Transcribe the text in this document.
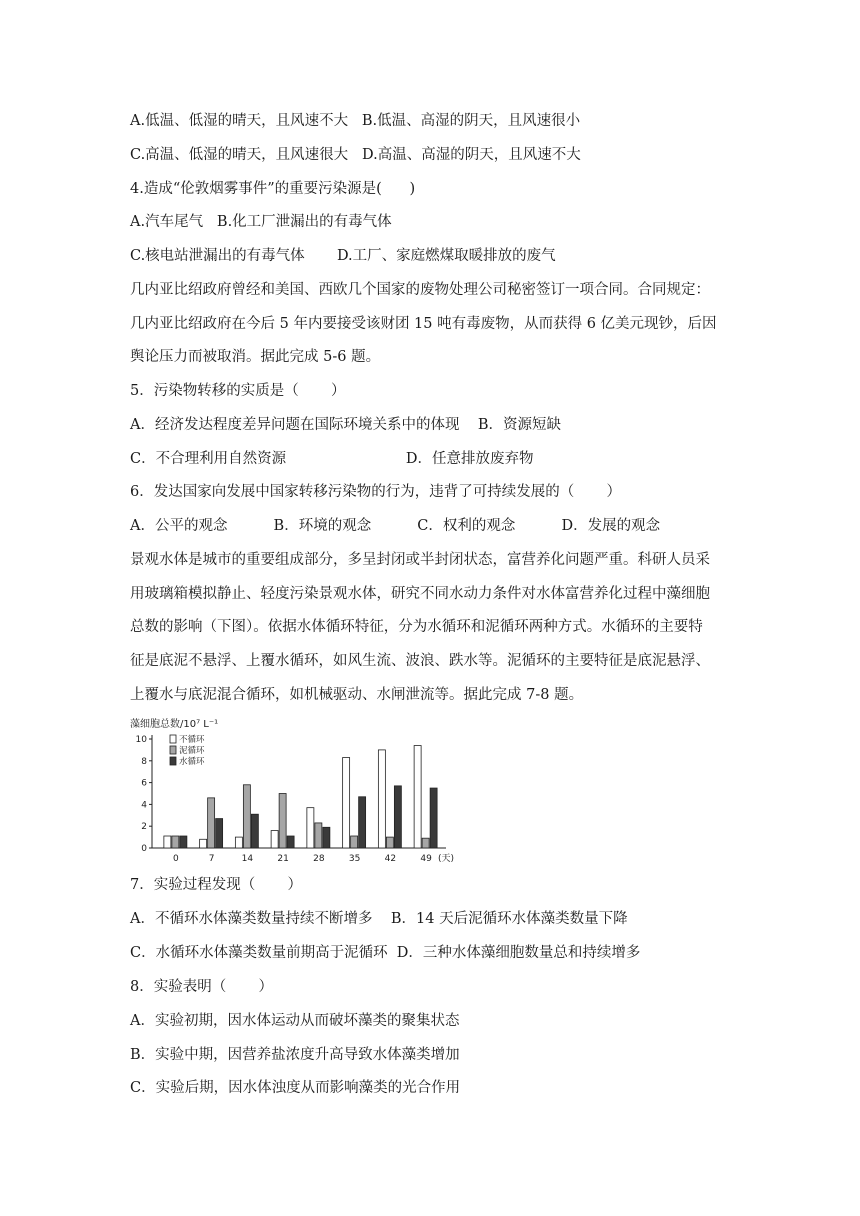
A.低温、低湿的晴天，且风速不大   B.低温、高湿的阴天，且风速很小
C.高温、低湿的晴天，且风速很大   D.高温、高湿的阴天，且风速不大
4.造成“伦敦烟雾事件”的重要污染源是(      )
A.汽车尾气   B.化工厂泄漏出的有毒气体
C.核电站泄漏出的有毒气体       D.工厂、家庭燃煤取暖排放的废气
几内亚比绍政府曾经和美国、西欧几个国家的废物处理公司秘密签订一项合同。合同规定：
几内亚比绍政府在今后 5 年内要接受该财团 15 吨有毒废物，从而获得 6 亿美元现钞，后因
舆论压力而被取消。据此完成 5-6 题。
5．污染物转移的实质是（       ）
A．经济发达程度差异问题在国际环境关系中的体现    B．资源短缺
C．不合理利用自然资源                          D．任意排放废弃物
6．发达国家向发展中国家转移污染物的行为，违背了可持续发展的（       ）
A．公平的观念          B．环境的观念          C．权利的观念          D．发展的观念
景观水体是城市的重要组成部分，多呈封闭或半封闭状态，富营养化问题严重。科研人员采
用玻璃箱模拟静止、轻度污染景观水体，研究不同水动力条件对水体富营养化过程中藻细胞
总数的影响（下图）。依据水体循环特征，分为水循环和泥循环两种方式。水循环的主要特
征是底泥不悬浮、上覆水循环，如风生流、波浪、跌水等。泥循环的主要特征是底泥悬浮、
上覆水与底泥混合循环，如机械驱动、水闸泄流等。据此完成 7-8 题。
藻细胞总数/10⁷ L⁻¹
0
2
4
6
8
10
0	7	14	21	28	35	42	49 (天)
不循环
泥循环
水循环
7．实验过程发现（       ）
A．不循环水体藻类数量持续不断增多    B．14 天后泥循环水体藻类数量下降
C．水循环水体藻类数量前期高于泥循环  D．三种水体藻细胞数量总和持续增多
8．实验表明（       ）
A．实验初期，因水体运动从而破坏藻类的聚集状态
B．实验中期，因营养盐浓度升高导致水体藻类增加
C．实验后期，因水体浊度从而影响藻类的光合作用
